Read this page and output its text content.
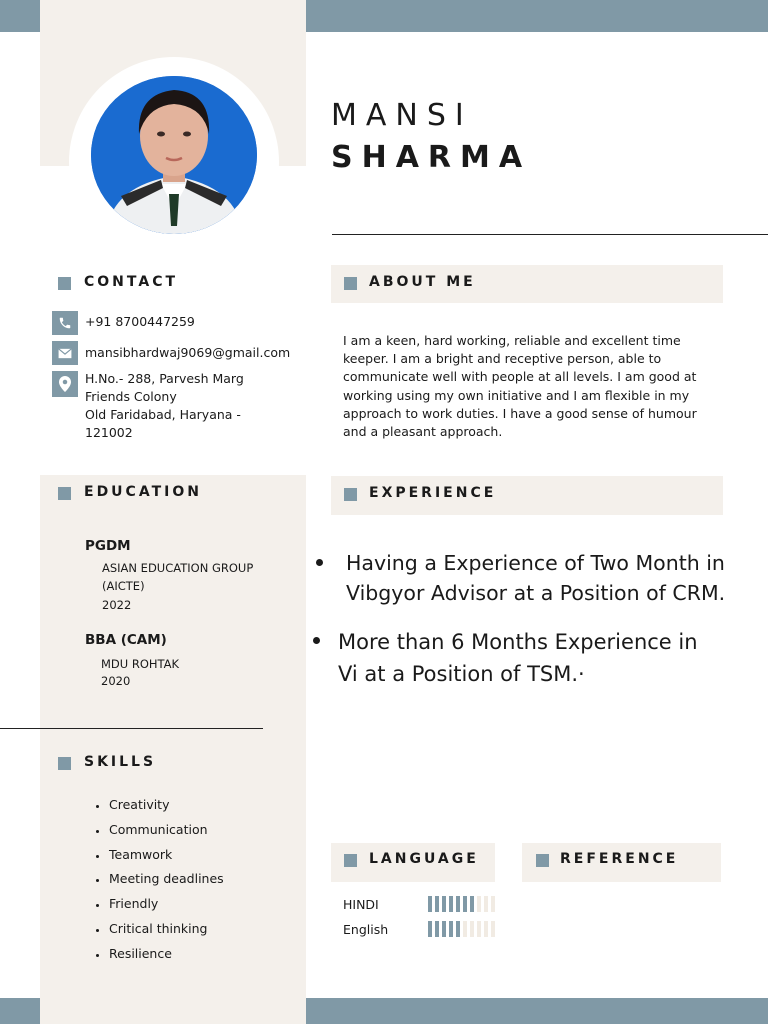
MANSI
SHARMA
CONTACT
+91 8700447259
mansibhardwaj9069@gmail.com
H.No.- 288, Parvesh Marg
Friends Colony
Old Faridabad, Haryana -
121002
ABOUT ME
I am a keen, hard working, reliable and excellent time
keeper. I am a bright and receptive person, able to
communicate well with people at all levels. I am good at
working using my own initiative and I am flexible in my
approach to work duties. I have a good sense of humour
and a pleasant approach.
EDUCATION
PGDM
ASIAN EDUCATION GROUP
(AICTE)
2022
BBA (CAM)
MDU ROHTAK
2020
EXPERIENCE
Having a Experience of Two Month in
Vibgyor Advisor at a Position of CRM.
More than 6 Months Experience in
Vi at a Position of TSM.·
SKILLS
• Creativity
• Communication
• Teamwork
• Meeting deadlines
• Friendly
• Critical thinking
• Resilience
LANGUAGE
HINDI
English
REFERENCE
